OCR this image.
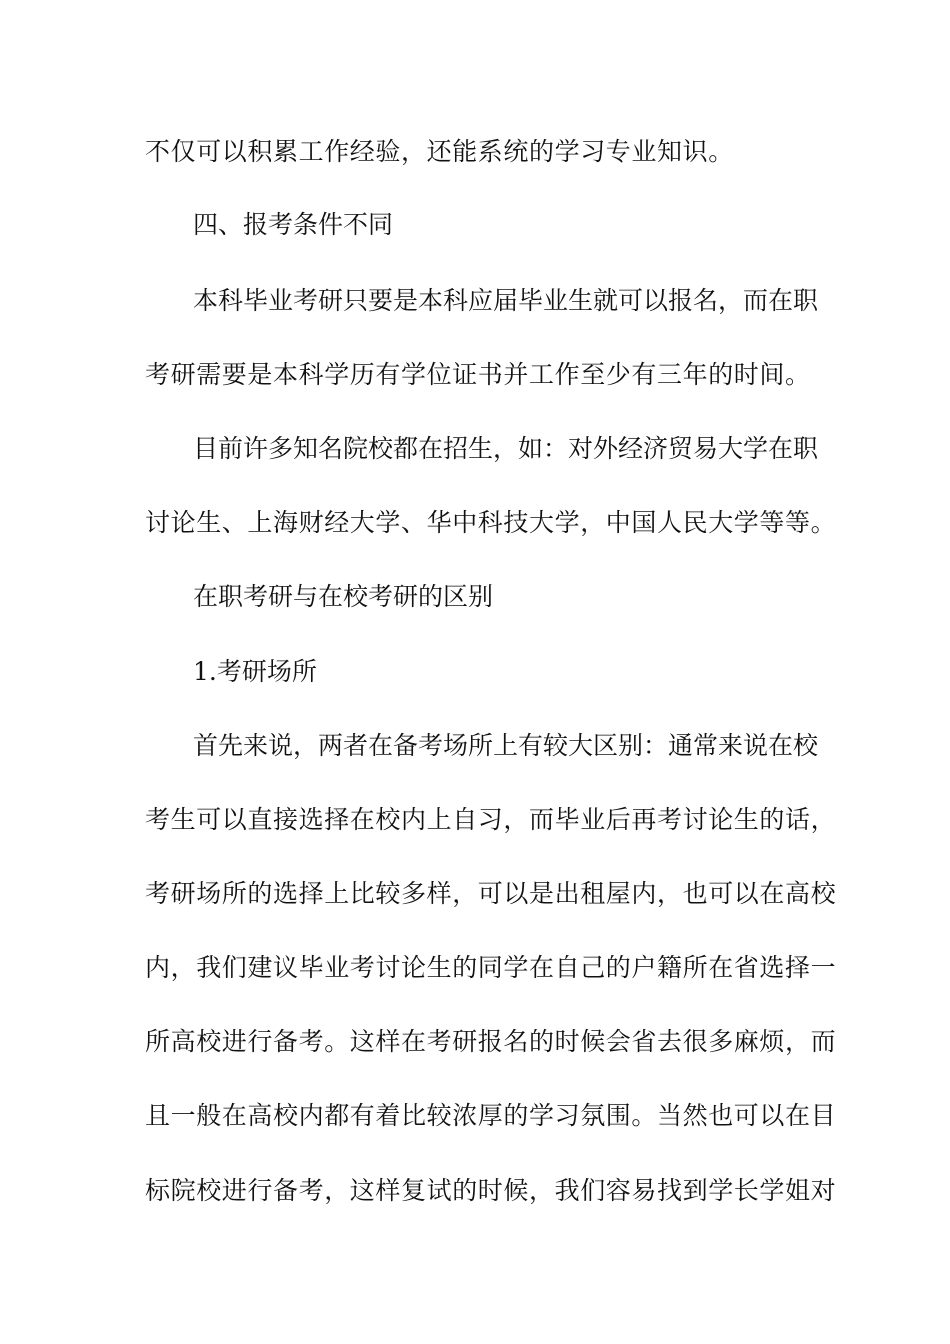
不仅可以积累工作经验，还能系统的学习专业知识。
四、报考条件不同
本科毕业考研只要是本科应届毕业生就可以报名，而在职
考研需要是本科学历有学位证书并工作至少有三年的时间。
目前许多知名院校都在招生，如：对外经济贸易大学在职
讨论生、上海财经大学、华中科技大学，中国人民大学等等。
在职考研与在校考研的区别
1.考研场所
首先来说，两者在备考场所上有较大区别：通常来说在校
考生可以直接选择在校内上自习，而毕业后再考讨论生的话，
考研场所的选择上比较多样，可以是出租屋内，也可以在高校
内，我们建议毕业考讨论生的同学在自己的户籍所在省选择一
所高校进行备考。这样在考研报名的时候会省去很多麻烦，而
且一般在高校内都有着比较浓厚的学习氛围。当然也可以在目
标院校进行备考，这样复试的时候，我们容易找到学长学姐对
